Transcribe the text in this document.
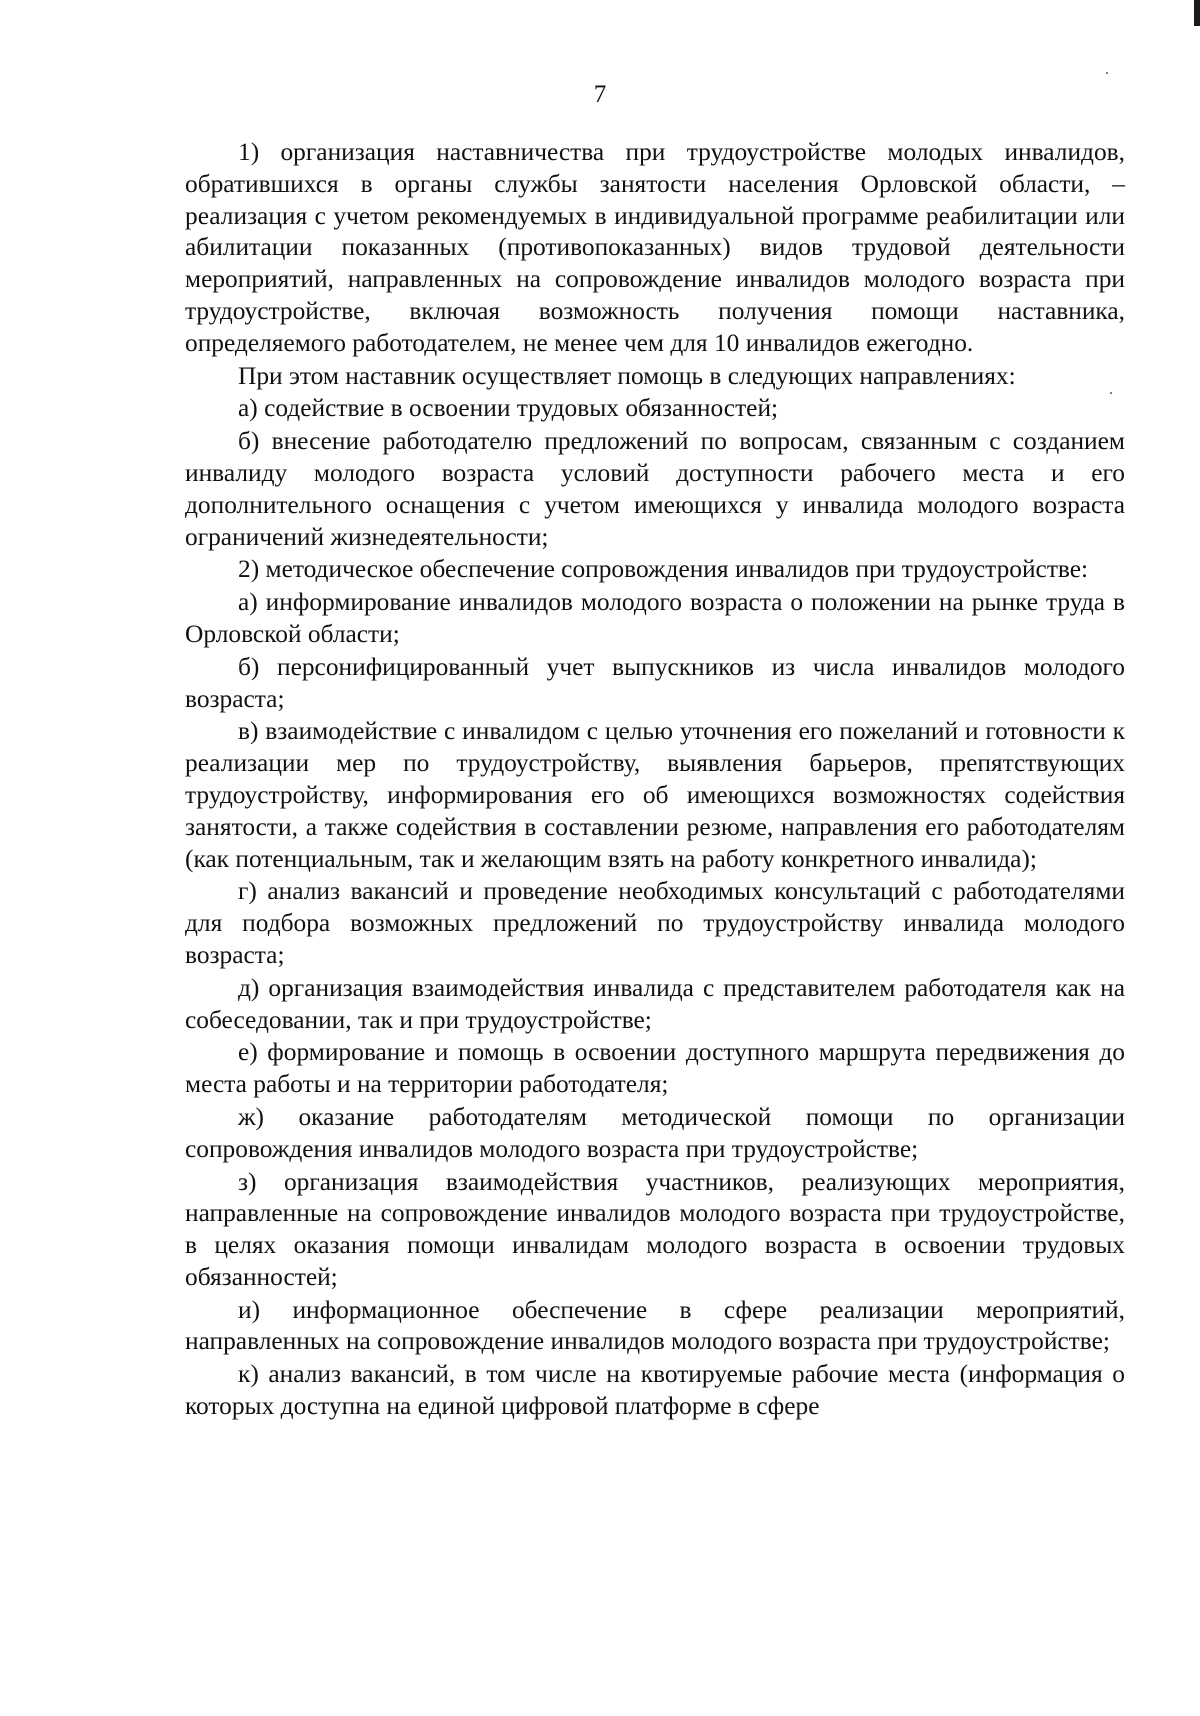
7

1) организация наставничества при трудоустройстве молодых инвалидов, обратившихся в органы службы занятости населения Орловской области, – реализация с учетом рекомендуемых в индивидуальной программе реабилитации или абилитации показанных (противопоказанных) видов трудовой деятельности мероприятий, направленных на сопровождение инвалидов молодого возраста при трудоустройстве, включая возможность получения помощи наставника, определяемого работодателем, не менее чем для 10 инвалидов ежегодно.

При этом наставник осуществляет помощь в следующих направлениях:

а) содействие в освоении трудовых обязанностей;

б) внесение работодателю предложений по вопросам, связанным с созданием инвалиду молодого возраста условий доступности рабочего места и его дополнительного оснащения с учетом имеющихся у инвалида молодого возраста ограничений жизнедеятельности;

2) методическое обеспечение сопровождения инвалидов при трудоустройстве:

а) информирование инвалидов молодого возраста о положении на рынке труда в Орловской области;

б) персонифицированный учет выпускников из числа инвалидов молодого возраста;

в) взаимодействие с инвалидом с целью уточнения его пожеланий и готовности к реализации мер по трудоустройству, выявления барьеров, препятствующих трудоустройству, информирования его об имеющихся возможностях содействия занятости, а также содействия в составлении резюме, направления его работодателям (как потенциальным, так и желающим взять на работу конкретного инвалида);

г) анализ вакансий и проведение необходимых консультаций с работодателями для подбора возможных предложений по трудоустройству инвалида молодого возраста;

д) организация взаимодействия инвалида с представителем работодателя как на собеседовании, так и при трудоустройстве;

е) формирование и помощь в освоении доступного маршрута передвижения до места работы и на территории работодателя;

ж) оказание работодателям методической помощи по организации сопровождения инвалидов молодого возраста при трудоустройстве;

з) организация взаимодействия участников, реализующих мероприятия, направленные на сопровождение инвалидов молодого возраста при трудоустройстве, в целях оказания помощи инвалидам молодого возраста в освоении трудовых обязанностей;

и) информационное обеспечение в сфере реализации мероприятий, направленных на сопровождение инвалидов молодого возраста при трудоустройстве;

к) анализ вакансий, в том числе на квотируемые рабочие места (информация о которых доступна на единой цифровой платформе в сфере
